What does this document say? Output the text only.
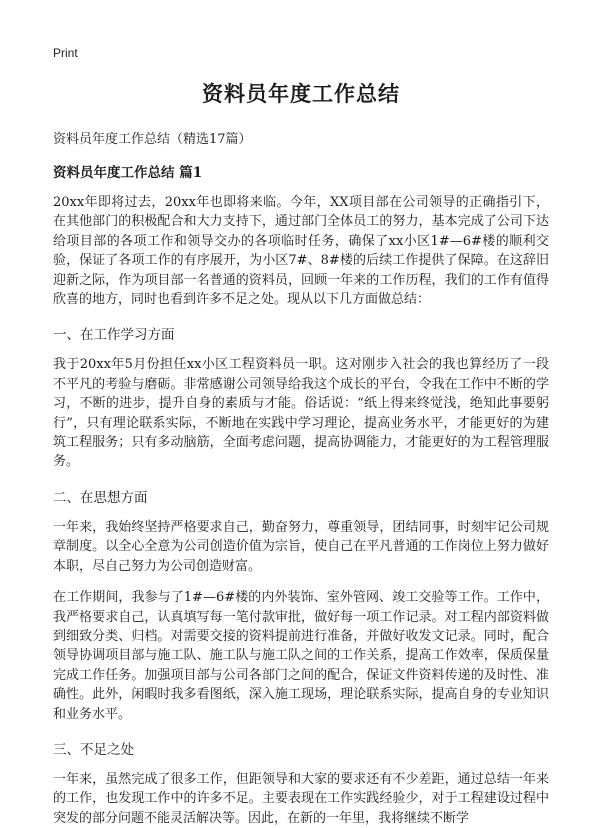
Print
资料员年度工作总结
资料员年度工作总结（精选17篇）
资料员年度工作总结 篇1
20xx年即将过去，20xx年也即将来临。今年，XX项目部在公司领导的正确指引下，在其他部门的积极配合和大力支持下，通过部门全体员工的努力，基本完成了公司下达给项目部的各项工作和领导交办的各项临时任务，确保了xx小区1#—6#楼的顺利交验，保证了各项工作的有序展开，为小区7#、8#楼的后续工作提供了保障。在这辞旧迎新之际，作为项目部一名普通的资料员，回顾一年来的工作历程，我们的工作有值得欣喜的地方，同时也看到许多不足之处。现从以下几方面做总结：
一、在工作学习方面
我于20xx年5月份担任xx小区工程资料员一职。这对刚步入社会的我也算经历了一段不平凡的考验与磨砺。非常感谢公司领导给我这个成长的平台，令我在工作中不断的学习，不断的进步，提升自身的素质与才能。俗话说：“纸上得来终觉浅，绝知此事要躬行”，只有理论联系实际，不断地在实践中学习理论，提高业务水平，才能更好的为建筑工程服务；只有多动脑筋，全面考虑问题，提高协调能力，才能更好的为工程管理服务。
二、在思想方面
一年来，我始终坚持严格要求自己，勤奋努力，尊重领导，团结同事，时刻牢记公司规章制度。以全心全意为公司创造价值为宗旨，使自己在平凡普通的工作岗位上努力做好本职，尽自己努力为公司创造财富。
在工作期间，我参与了1#—6#楼的内外装饰、室外管网、竣工交验等工作。工作中，我严格要求自己，认真填写每一笔付款审批，做好每一项工作记录。对工程内部资料做到细致分类、归档。对需要交接的资料提前进行准备，并做好收发文记录。同时，配合领导协调项目部与施工队、施工队与施工队之间的工作关系，提高工作效率，保质保量完成工作任务。加强项目部与公司各部门之间的配合，保证文件资料传递的及时性、准确性。此外，闲暇时我多看图纸，深入施工现场，理论联系实际，提高自身的专业知识和业务水平。
三、不足之处
一年来，虽然完成了很多工作，但距领导和大家的要求还有不少差距，通过总结一年来的工作，也发现工作中的许多不足。主要表现在工作实践经验少，对于工程建设过程中突发的部分问题不能灵活解决等。因此，在新的一年里，我将继续不断学
